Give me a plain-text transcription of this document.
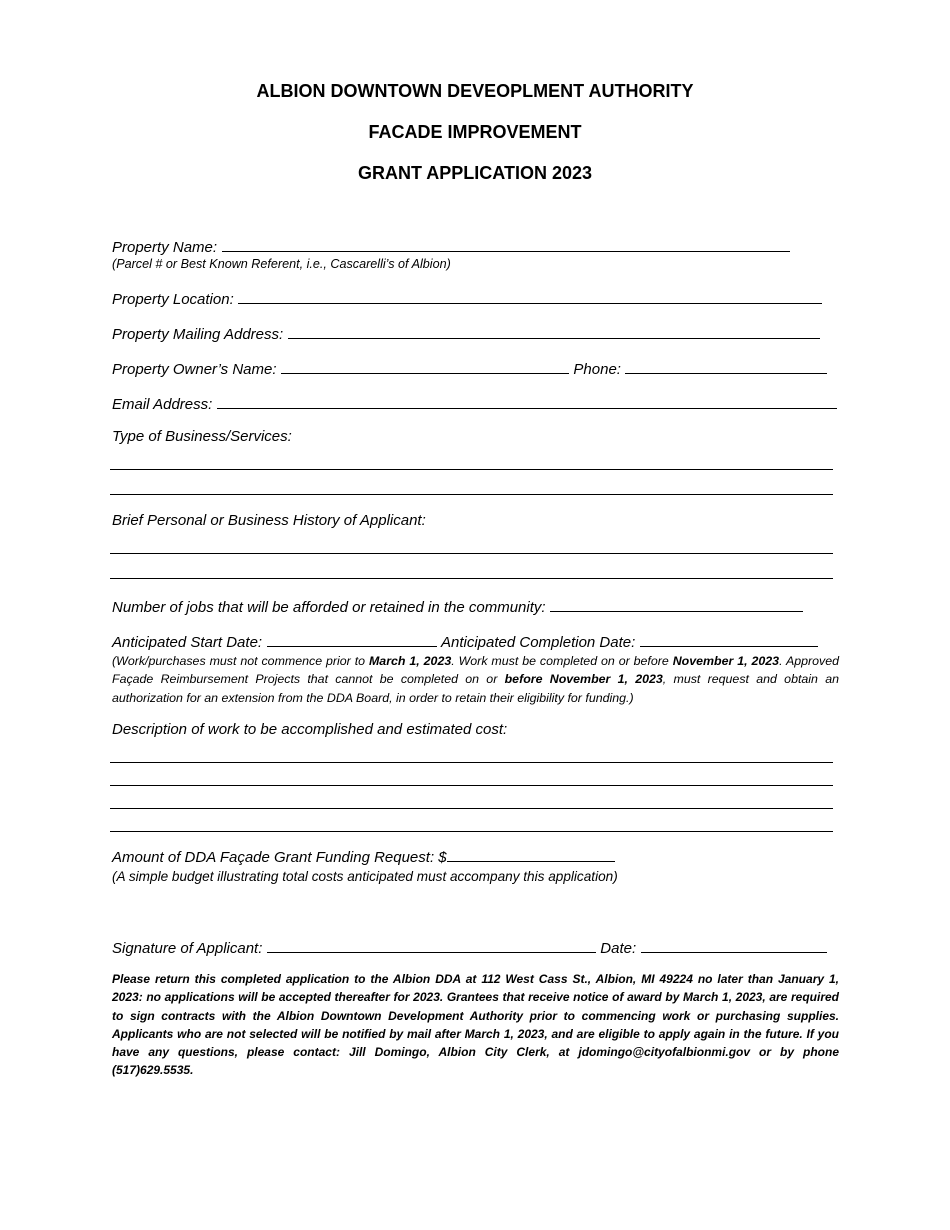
ALBION DOWNTOWN DEVEOPLMENT AUTHORITY
FACADE IMPROVEMENT
GRANT APPLICATION 2023
Property Name:
(Parcel # or Best Known Referent, i.e., Cascarelli’s of Albion)
Property Location:
Property Mailing Address:
Property Owner’s Name:	Phone:
Email Address:
Type of Business/Services:
Brief Personal or Business History of Applicant:
Number of jobs that will be afforded or retained in the community:
Anticipated Start Date:	Anticipated Completion Date:
(Work/purchases must not commence prior to March 1, 2023. Work must be completed on or before November 1, 2023. Approved Façade Reimbursement Projects that cannot be completed on or before November 1, 2023, must request and obtain an authorization for an extension from the DDA Board, in order to retain their eligibility for funding.)
Description of work to be accomplished and estimated cost:
Amount of DDA Façade Grant Funding Request: $
(A simple budget illustrating total costs anticipated must accompany this application)
Signature of Applicant:	Date:
Please return this completed application to the Albion DDA at 112 West Cass St., Albion, MI 49224 no later than January 1, 2023: no applications will be accepted thereafter for 2023. Grantees that receive notice of award by March 1, 2023, are required to sign contracts with the Albion Downtown Development Authority prior to commencing work or purchasing supplies. Applicants who are not selected will be notified by mail after March 1, 2023, and are eligible to apply again in the future. If you have any questions, please contact: Jill Domingo, Albion City Clerk, at jdomingo@cityofalbionmi.gov or by phone (517)629.5535.
